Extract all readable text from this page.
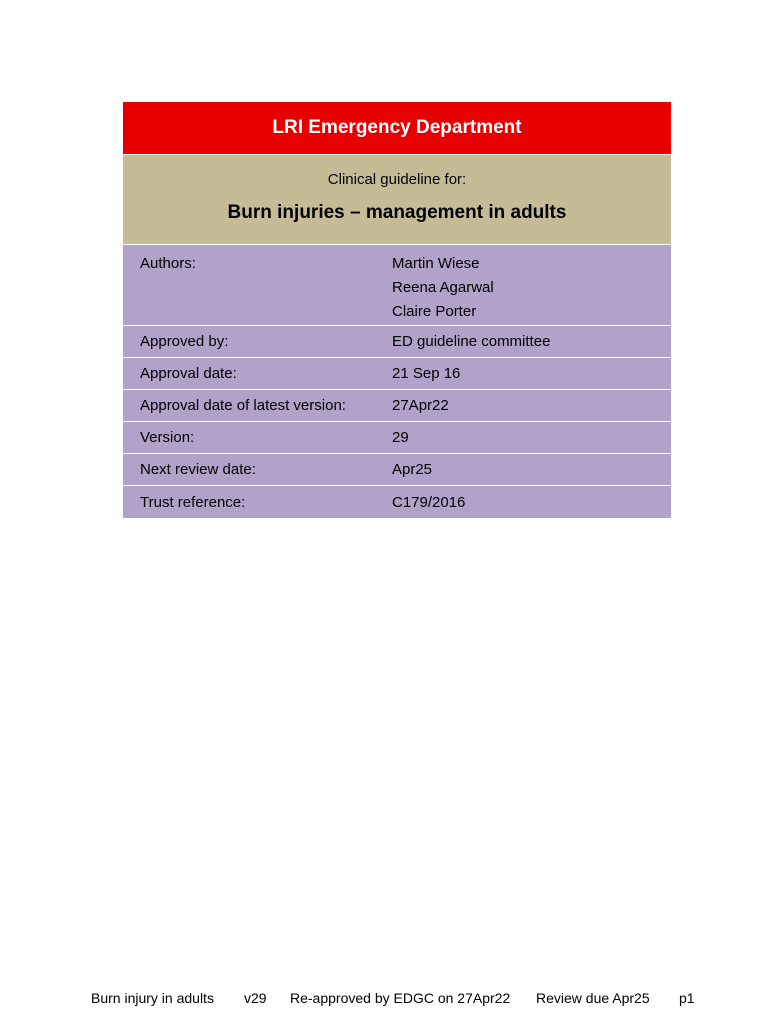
LRI Emergency Department
Clinical guideline for:
Burn injuries – management in adults
Authors:	Martin Wiese
Reena Agarwal
Claire Porter
Approved by:	ED guideline committee
Approval date:	21 Sep 16
Approval date of latest version:	27Apr22
Version:	29
Next review date:	Apr25
Trust reference:	C179/2016
Burn injury in adults v29 Re-approved by EDGC on 27Apr22 Review due Apr25 p1
